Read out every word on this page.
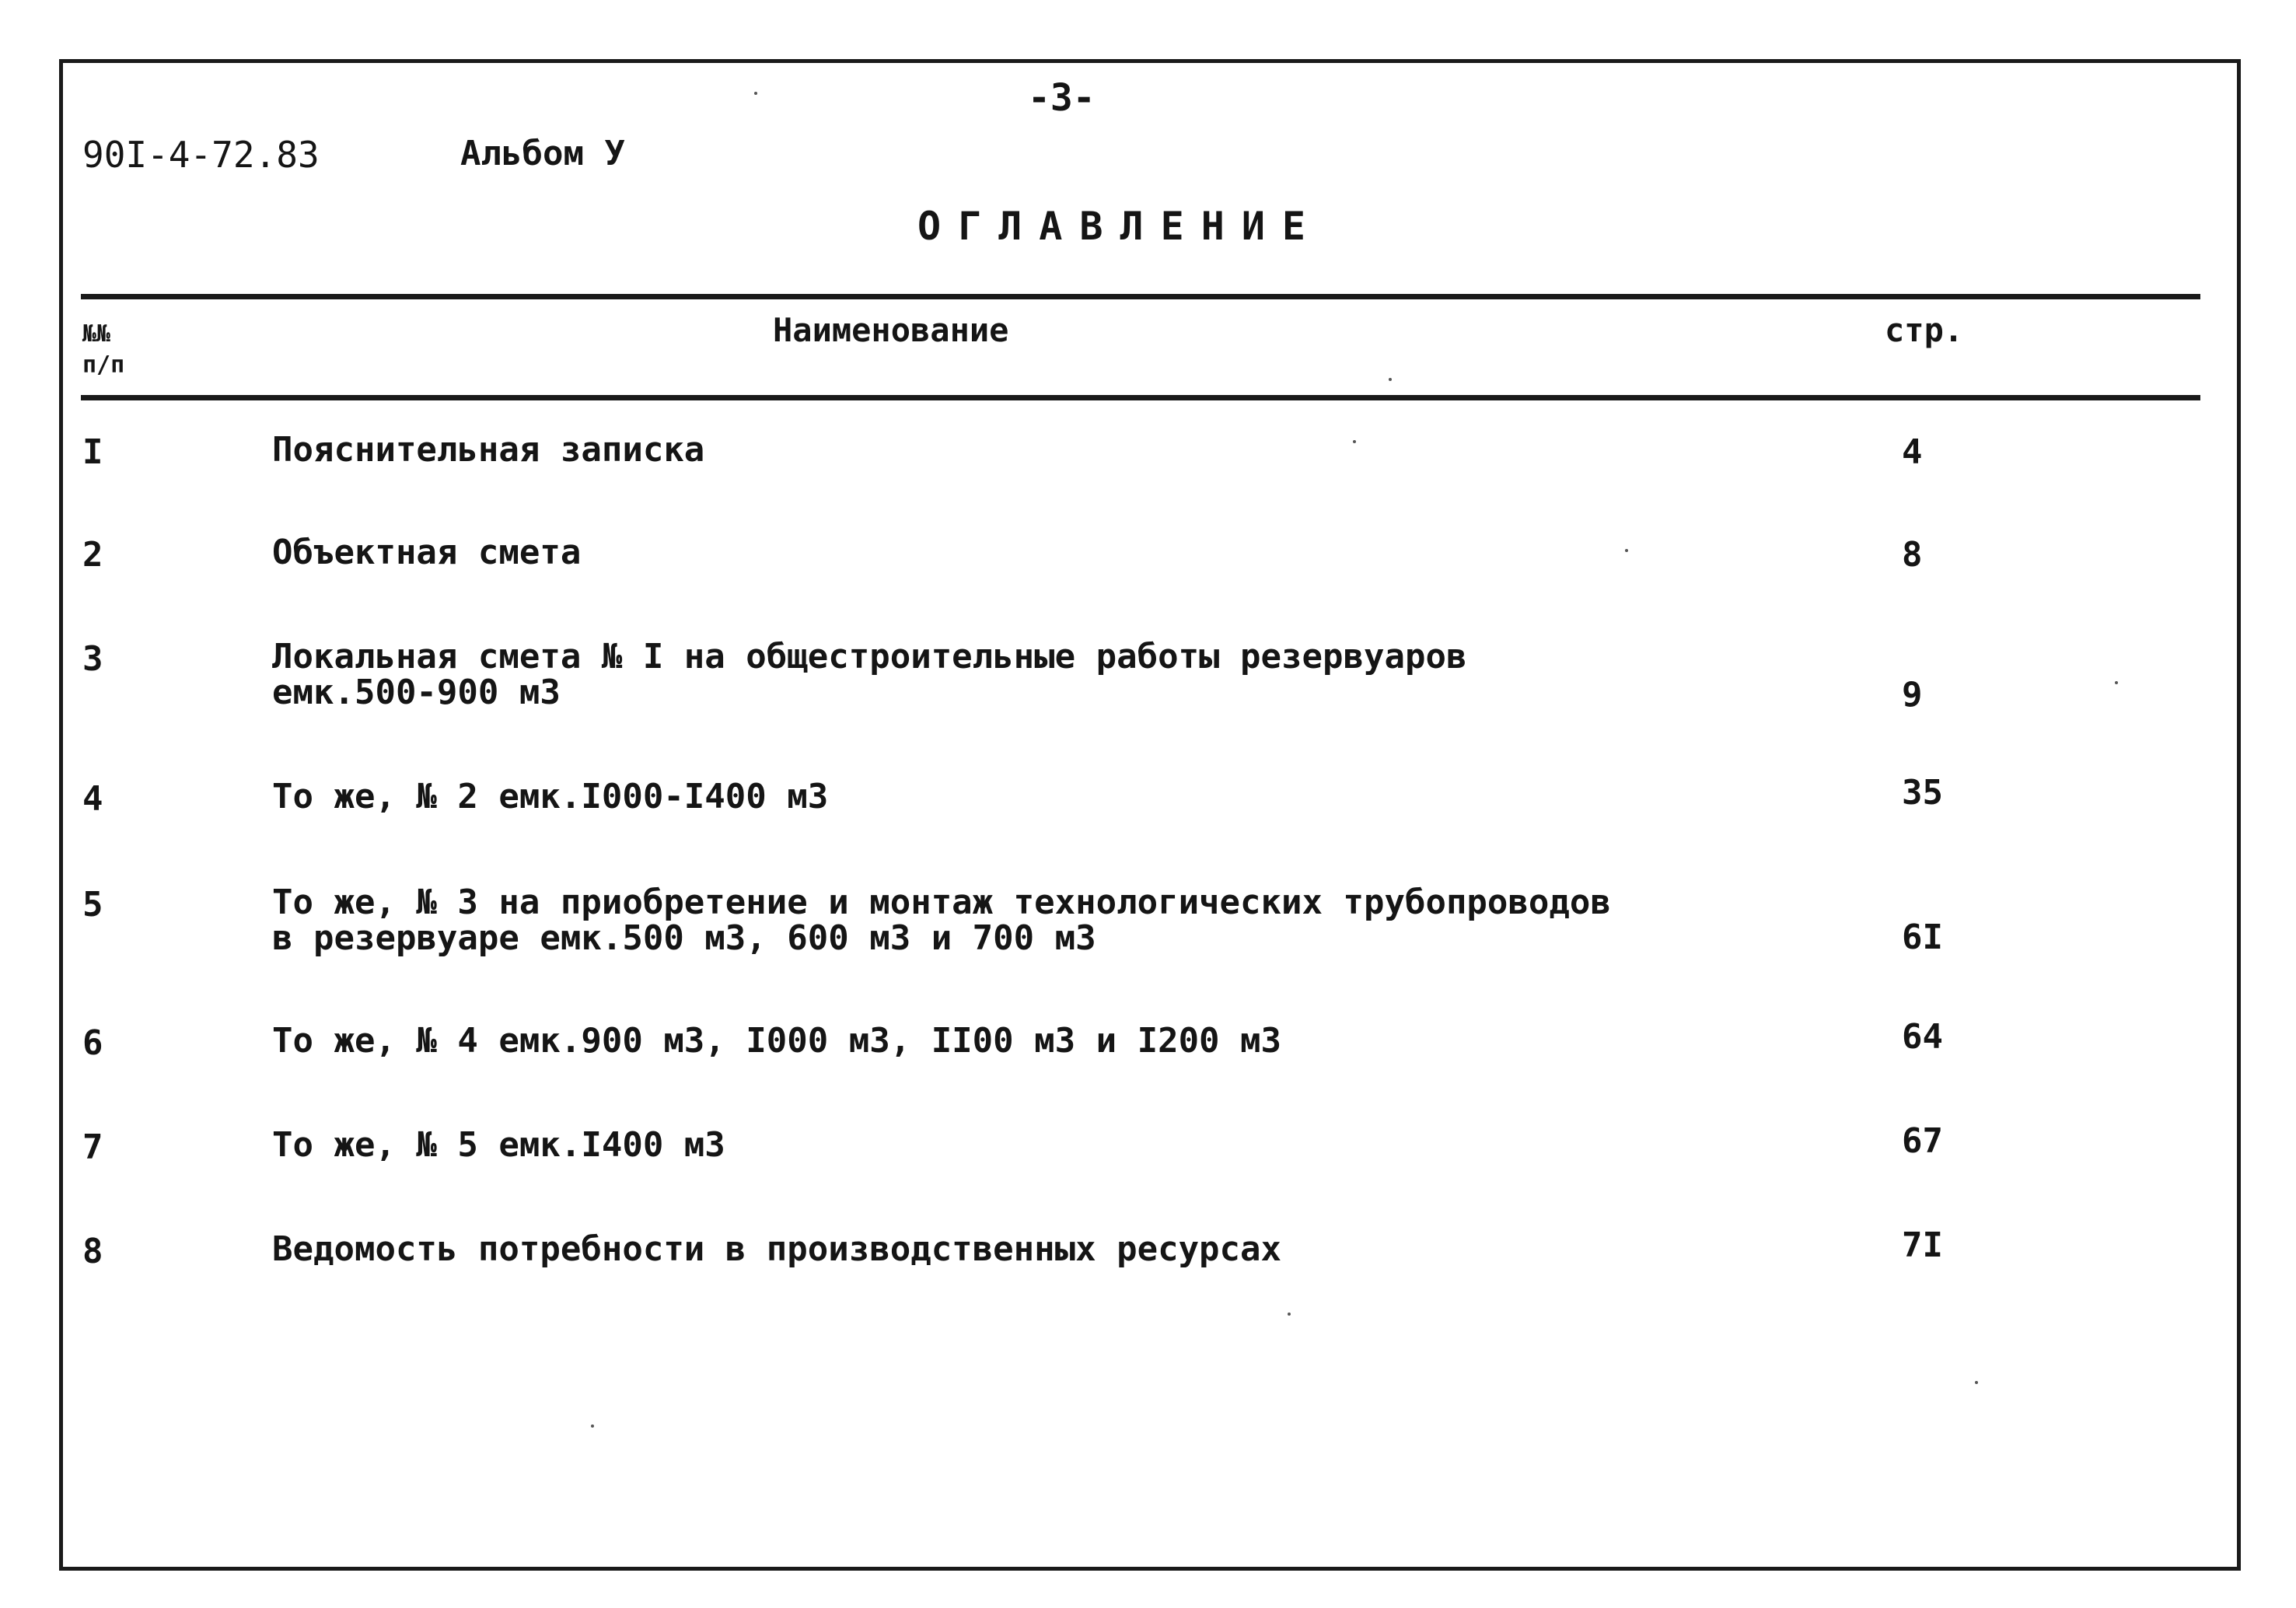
-3-
90I-4-72.83	Альбом У
ОГЛАВЛЕНИЕ
№№
п/п
Наименование	стр.
I	Пояснительная записка	4
2	Объектная смета	8
3	Локальная смета № I на общестроительные работы резервуаров
емк.500-900 м3	9
4	То же, № 2 емк.I000-I400 м3	35
5	То же, № 3 на приобретение и монтаж технологических трубопроводов
в резервуаре емк.500 м3, 600 м3 и 700 м3	6I
6	То же, № 4 емк.900 м3, I000 м3, II00 м3 и I200 м3	64
7	То же, № 5 емк.I400 м3	67
8	Ведомость потребности в производственных ресурсах	7I
